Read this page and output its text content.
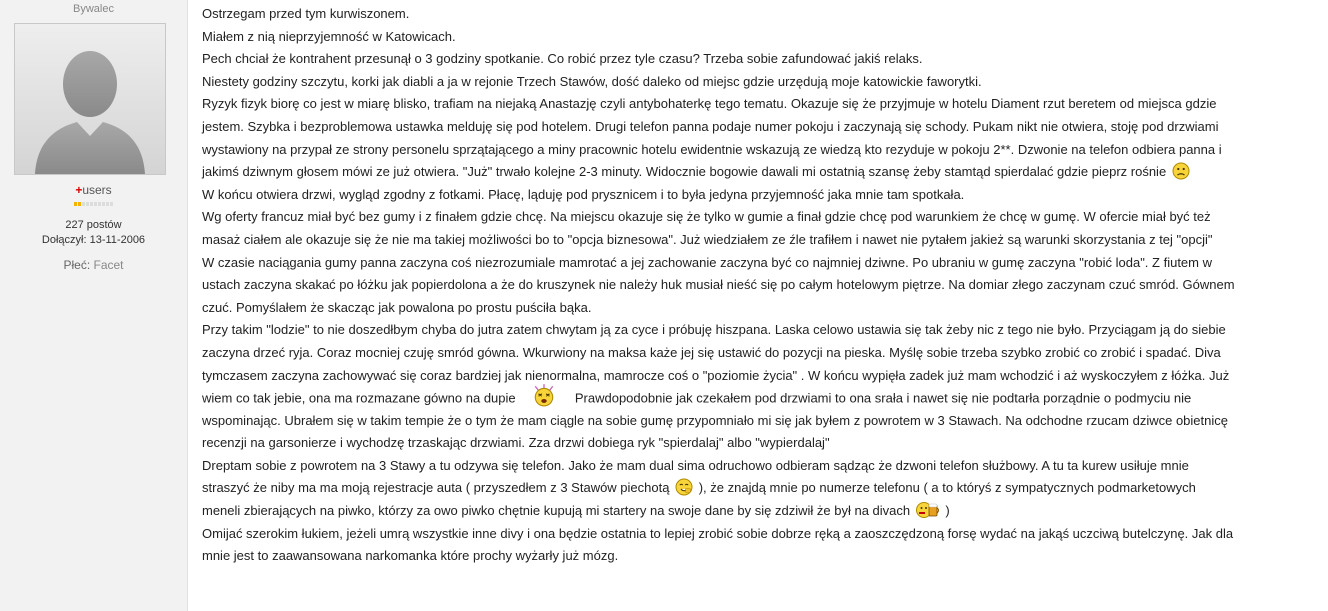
Bywalec
+users
227 postów
Dołączył: 13-11-2006
Płeć: Facet
Ostrzegam przed tym kurwiszonem.
Miałem z nią nieprzyjemność w Katowicach.
Pech chciał że kontrahent przesunął o 3 godziny spotkanie. Co robić przez tyle czasu? Trzeba sobie zafundować jakiś relaks.
Niestety godziny szczytu, korki jak diabli a ja w rejonie Trzech Stawów, dość daleko od miejsc gdzie urzędują moje katowickie faworytki.
Ryzyk fizyk biorę co jest w miarę blisko, trafiam na niejaką Anastazję czyli antybohaterkę tego tematu. Okazuje się że przyjmuje w hotelu Diament rzut beretem od miejsca gdzie
jestem. Szybka i bezproblemowa ustawka melduję się pod hotelem. Drugi telefon panna podaje numer pokoju i zaczynają się schody. Pukam nikt nie otwiera, stoję pod drzwiami
wystawiony na przypał ze strony personelu sprzątającego a miny pracownic hotelu ewidentnie wskazują ze wiedzą kto rezyduje w pokoju 2**. Dzwonie na telefon odbiera panna i
jakimś dziwnym głosem mówi ze już otwiera. "Już" trwało kolejne 2-3 minuty. Widocznie bogowie dawali mi ostatnią szansę żeby stamtąd spierdalać gdzie pieprz rośnie
W końcu otwiera drzwi, wygląd zgodny z fotkami. Płacę, ląduję pod prysznicem i to była jedyna przyjemność jaka mnie tam spotkała.
Wg oferty francuz miał być bez gumy i z finałem gdzie chcę. Na miejscu okazuje się że tylko w gumie a finał gdzie chcę pod warunkiem że chcę w gumę. W ofercie miał być też
masaż ciałem ale okazuje się że nie ma takiej możliwości bo to "opcja biznesowa". Już wiedziałem ze źle trafiłem i nawet nie pytałem jakież są warunki skorzystania z tej "opcji"
W czasie naciągania gumy panna zaczyna coś niezrozumiale mamrotać a jej zachowanie zaczyna być co najmniej dziwne. Po ubraniu w gumę zaczyna "robić loda". Z fiutem w
ustach zaczyna skakać po łóżku jak popierdolona a że do kruszynek nie należy huk musiał nieść się po całym hotelowym piętrze. Na domiar złego zaczynam czuć smród. Gównem
czuć. Pomyślałem że skacząc jak powalona po prostu puściła bąka.
Przy takim "lodzie" to nie doszedłbym chyba do jutra zatem chwytam ją za cyce i próbuję hiszpana. Laska celowo ustawia się tak żeby nic z tego nie było. Przyciągam ją do siebie
zaczyna drzeć ryja. Coraz mocniej czuję smród gówna. Wkurwiony na maksa każe jej się ustawić do pozycji na pieska. Myślę sobie trzeba szybko zrobić co zrobić i spadać. Diva
tymczasem zaczyna zachowywać się coraz bardziej jak nienormalna, mamrocze coś o "poziomie życia" . W końcu wypięła zadek już mam wchodzić i aż wyskoczyłem z łóżka. Już
wiem co tak jebie, ona ma rozmazane gówno na dupie	Prawdopodobnie jak czekałem pod drzwiami to ona srała i nawet się nie podtarła porządnie o podmyciu nie
wspominając. Ubrałem się w takim tempie że o tym że mam ciągle na sobie gumę przypomniało mi się jak byłem z powrotem w 3 Stawach. Na odchodne rzucam dziwce obietnicę
recenzji na garsonierze i wychodzę trzaskając drzwiami. Zza drzwi dobiega ryk "spierdalaj" albo "wypierdalaj"
Dreptam sobie z powrotem na 3 Stawy a tu odzywa się telefon. Jako że mam dual sima odruchowo odbieram sądząc że dzwoni telefon służbowy. A tu ta kurew usiłuje mnie
straszyć że niby ma ma moją rejestracje auta ( przyszedłem z 3 Stawów piechotą ), że znajdą mnie po numerze telefonu ( a to któryś z sympatycznych podmarketowych
meneli zbierających na piwko, którzy za owo piwko chętnie kupują mi startery na swoje dane by się zdziwił że był na divach	)
Omijać szerokim łukiem, jeżeli umrą wszystkie inne divy i ona będzie ostatnia to lepiej zrobić sobie dobrze ręką a zaoszczędzoną forsę wydać na jakąś uczciwą butelczynę. Jak dla
mnie jest to zaawansowana narkomanka które prochy wyżarły już mózg.
